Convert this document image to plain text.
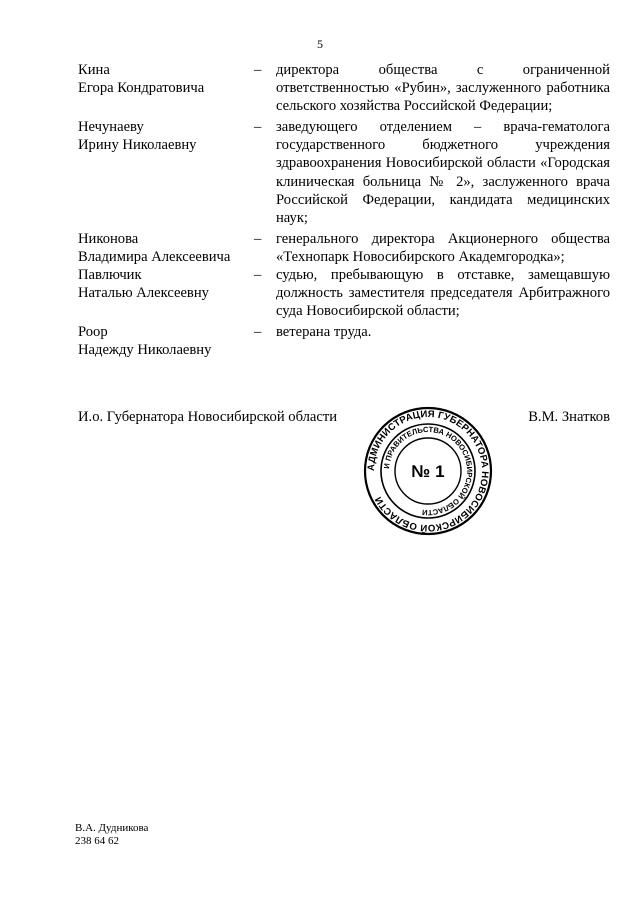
5
Кина
Егора Кондратовича
–	директора общества с ограниченной ответственностью «Рубин», заслуженного работника сельского хозяйства Российской Федерации;
Нечунаеву
Ирину Николаевну
–	заведующего отделением – врача-гематолога государственного бюджетного учреждения здравоохранения Новосибирской области «Городская клиническая больница № 2», заслуженного врача Российской Федерации, кандидата медицинских наук;
Никонова
Владимира Алексеевича
–	генерального директора Акционерного общества «Технопарк Новосибирского Академгородка»;
Павлючик
Наталью Алексеевну
–	судью, пребывающую в отставке, замещавшую должность заместителя председателя Арбитражного суда Новосибирской области;
Роор
Надежду Николаевну
–	ветерана труда.
И.о. Губернатора Новосибирской области	В.М. Знатков
АДМИНИСТРАЦИЯ ГУБЕРНАТОРА НОВОСИБИРСКОЙ ОБЛАСТИ
И ПРАВИТЕЛЬСТВА НОВОСИБИРСКОЙ ОБЛАСТИ
№ 1
В.А. Дудникова
238 64 62
